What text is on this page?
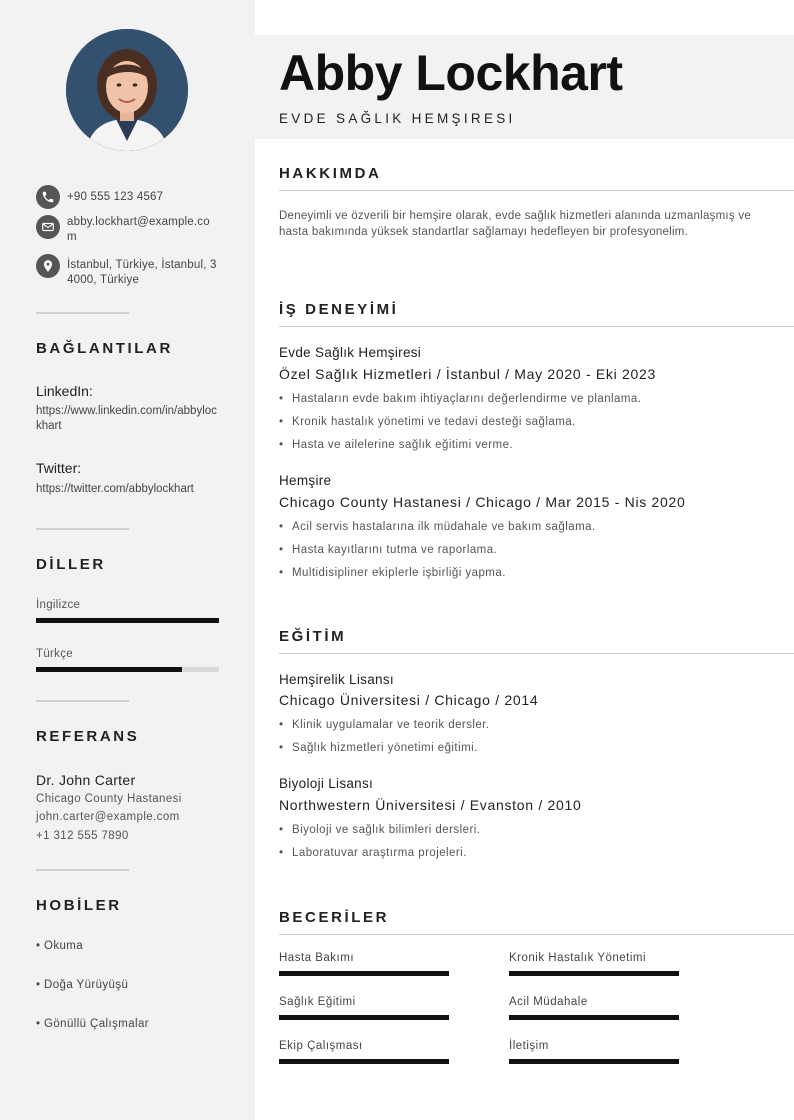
+90 555 123 4567
abby.lockhart@example.com
İstanbul, Türkiye, İstanbul, 34000, Türkiye
BAĞLANTILAR
LinkedIn:
https://www.linkedin.com/in/abbylockhart
Twitter:
https://twitter.com/abbylockhart
DİLLER
İngilizce
Türkçe
REFERANS
Dr. John Carter
Chicago County Hastanesi
john.carter@example.com
+1 312 555 7890
HOBİLER
• Okuma
• Doğa Yürüyüşü
• Gönüllü Çalışmalar
Abby Lockhart
EVDE SAĞLIK HEMŞIRESI
HAKKIMDA
Deneyimli ve özverili bir hemşire olarak, evde sağlık hizmetleri alanında uzmanlaşmış ve hasta bakımında yüksek standartlar sağlamayı hedefleyen bir profesyonelim.
İŞ DENEYİMİ
Evde Sağlık Hemşiresi
Özel Sağlık Hizmetleri / İstanbul / May 2020 - Eki 2023
• Hastaların evde bakım ihtiyaçlarını değerlendirme ve planlama.
• Kronik hastalık yönetimi ve tedavi desteği sağlama.
• Hasta ve ailelerine sağlık eğitimi verme.
Hemşire
Chicago County Hastanesi / Chicago / Mar 2015 - Nis 2020
• Acil servis hastalarına ilk müdahale ve bakım sağlama.
• Hasta kayıtlarını tutma ve raporlama.
• Multidisipliner ekiplerle işbirliği yapma.
EĞİTİM
Hemşirelik Lisansı
Chicago Üniversitesi / Chicago / 2014
• Klinik uygulamalar ve teorik dersler.
• Sağlık hizmetleri yönetimi eğitimi.
Biyoloji Lisansı
Northwestern Üniversitesi / Evanston / 2010
• Biyoloji ve sağlık bilimleri dersleri.
• Laboratuvar araştırma projeleri.
BECERİLER
Hasta Bakımı	Kronik Hastalık Yönetimi
Sağlık Eğitimi	Acil Müdahale
Ekip Çalışması	İletişim
